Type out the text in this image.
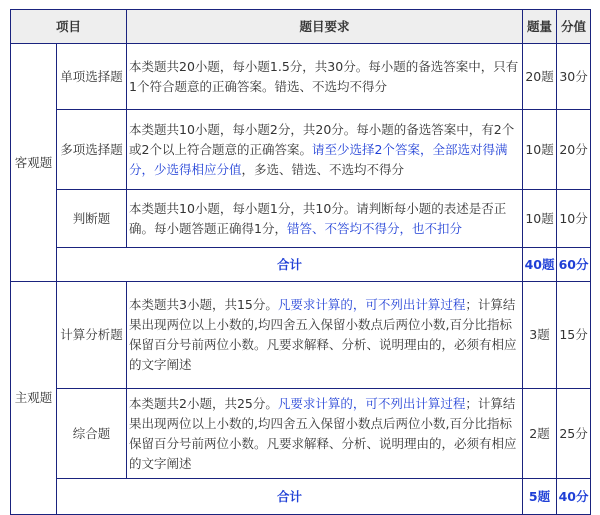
项目		题目要求	题量	分值
客观题	单项选择题	本类题共20小题，每小题1.5分，共30分。每小题的备选答案中，只有1个符合题意的正确答案。错选、不选均不得分	20题	30分
	多项选择题	本类题共10小题，每小题2分，共20分。每小题的备选答案中，有2个或2个以上符合题意的正确答案。请至少选择2个答案，全部选对得满分，少选得相应分值，多选、错选、不选均不得分	10题	20分
	判断题	本类题共10小题，每小题1分，共10分。请判断每小题的表述是否正确。每小题答题正确得1分，错答、不答均不得分，也不扣分	10题	10分
	合计		40题	60分
主观题	计算分析题	本类题共3小题，共15分。凡要求计算的，可不列出计算过程；计算结果出现两位以上小数的,均四舍五入保留小数点后两位小数,百分比指标保留百分号前两位小数。凡要求解释、分析、说明理由的，必须有相应的文字阐述	3题	15分
	综合题	本类题共2小题，共25分。凡要求计算的，可不列出计算过程；计算结果出现两位以上小数的,均四舍五入保留小数点后两位小数,百分比指标保留百分号前两位小数。凡要求解释、分析、说明理由的，必须有相应的文字阐述	2题	25分
	合计		5题	40分
